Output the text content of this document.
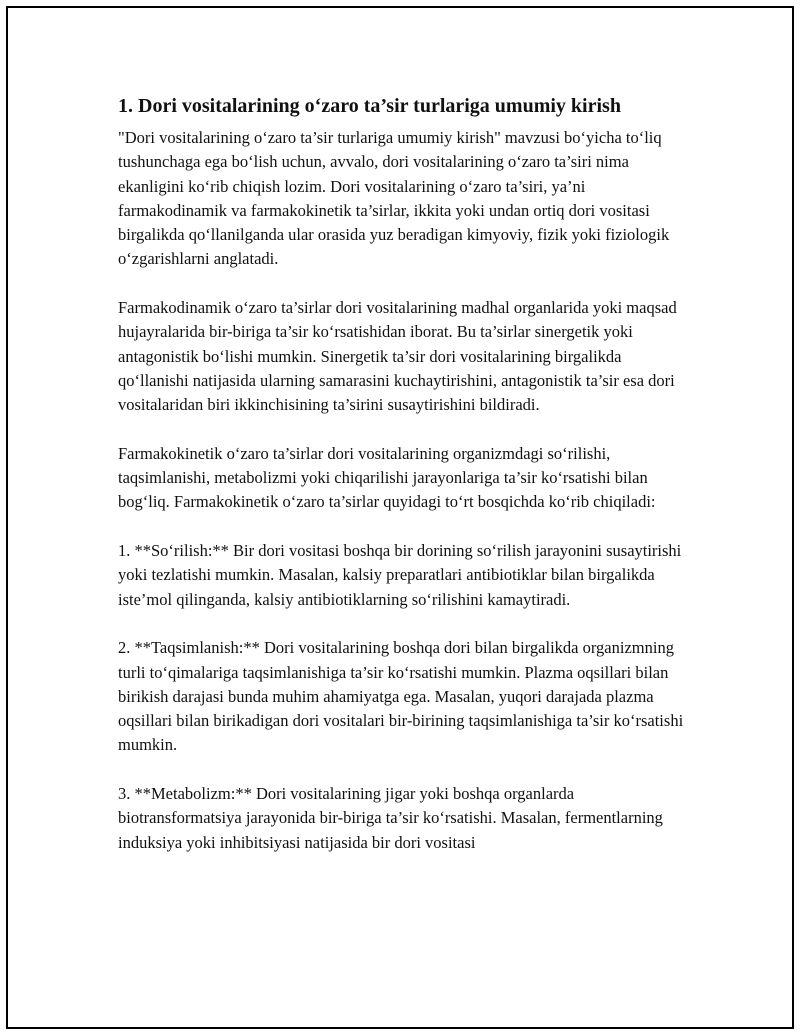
1. Dori vositalarining o‘zaro ta’sir turlariga umumiy kirish

"Dori vositalarining o‘zaro ta’sir turlariga umumiy kirish" mavzusi bo‘yicha to‘liq tushunchaga ega bo‘lish uchun, avvalo, dori vositalarining o‘zaro ta’siri nima ekanligini ko‘rib chiqish lozim. Dori vositalarining o‘zaro ta’siri, ya’ni farmakodinamik va farmakokinetik ta’sirlar, ikkita yoki undan ortiq dori vositasi birgalikda qo‘llanilganda ular orasida yuz beradigan kimyoviy, fizik yoki fiziologik o‘zgarishlarni anglatadi.

Farmakodinamik o‘zaro ta’sirlar dori vositalarining madhal organlarida yoki maqsad hujayralarida bir-biriga ta’sir ko‘rsatishidan iborat. Bu ta’sirlar sinergetik yoki antagonistik bo‘lishi mumkin. Sinergetik ta’sir dori vositalarining birgalikda qo‘llanishi natijasida ularning samarasini kuchaytirishini, antagonistik ta’sir esa dori vositalaridan biri ikkinchisining ta’sirini susaytirishini bildiradi.

Farmakokinetik o‘zaro ta’sirlar dori vositalarining organizmdagi so‘rilishi, taqsimlanishi, metabolizmi yoki chiqarilishi jarayonlariga ta’sir ko‘rsatishi bilan bog‘liq. Farmakokinetik o‘zaro ta’sirlar quyidagi to‘rt bosqichda ko‘rib chiqiladi:

1. **So‘rilish:** Bir dori vositasi boshqa bir dorining so‘rilish jarayonini susaytirishi yoki tezlatishi mumkin. Masalan, kalsiy preparatlari antibiotiklar bilan birgalikda iste’mol qilinganda, kalsiy antibiotiklarning so‘rilishini kamaytiradi.

2. **Taqsimlanish:** Dori vositalarining boshqa dori bilan birgalikda organizmning turli to‘qimalariga taqsimlanishiga ta’sir ko‘rsatishi mumkin. Plazma oqsillari bilan birikish darajasi bunda muhim ahamiyatga ega. Masalan, yuqori darajada plazma oqsillari bilan birikadigan dori vositalari bir-birining taqsimlanishiga ta’sir ko‘rsatishi mumkin.

3. **Metabolizm:** Dori vositalarining jigar yoki boshqa organlarda biotransformatsiya jarayonida bir-biriga ta’sir ko‘rsatishi. Masalan, fermentlarning induksiya yoki inhibitsiyasi natijasida bir dori vositasi
